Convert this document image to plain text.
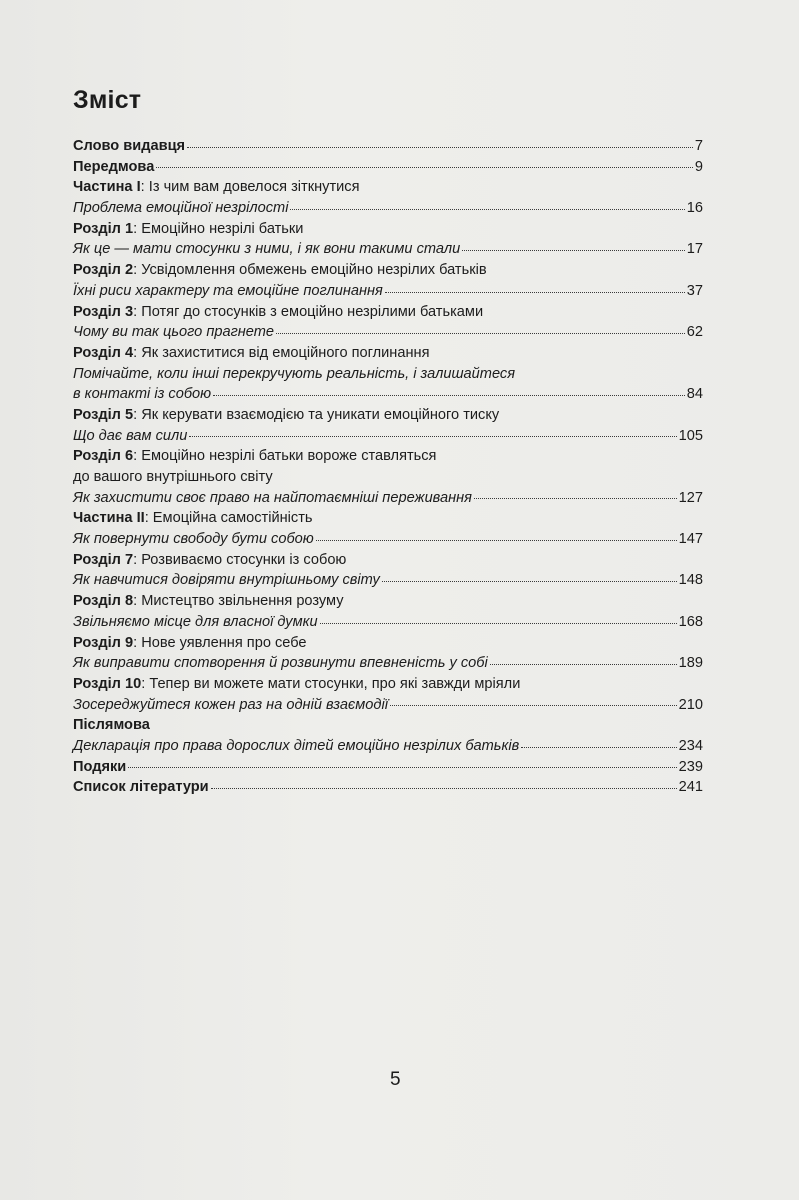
Зміст
Слово видавця	7
Передмова	9
Частина І: Із чим вам довелося зіткнутися
Проблема емоційної незрілості	16
Розділ 1: Емоційно незрілі батьки
Як це — мати стосунки з ними, і як вони такими стали	17
Розділ 2: Усвідомлення обмежень емоційно незрілих батьків
Їхні риси характеру та емоційне поглинання	37
Розділ 3: Потяг до стосунків з емоційно незрілими батьками
Чому ви так цього прагнете	62
Розділ 4: Як захиститися від емоційного поглинання
Помічайте, коли інші перекручують реальність, і залишайтеся
в контакті із собою	84
Розділ 5: Як керувати взаємодією та уникати емоційного тиску
Що дає вам сили	105
Розділ 6: Емоційно незрілі батьки вороже ставляться
до вашого внутрішнього світу
Як захистити своє право на найпотаємніші переживання	127
Частина ІІ: Емоційна самостійність
Як повернути свободу бути собою	147
Розділ 7: Розвиваємо стосунки із собою
Як навчитися довіряти внутрішньому світу	148
Розділ 8: Мистецтво звільнення розуму
Звільняємо місце для власної думки	168
Розділ 9: Нове уявлення про себе
Як виправити спотворення й розвинути впевненість у собі	189
Розділ 10: Тепер ви можете мати стосунки, про які завжди мріяли
Зосереджуйтеся кожен раз на одній взаємодії	210
Післямова
Декларація про права дорослих дітей емоційно незрілих батьків	234
Подяки	239
Список літератури	241
5
